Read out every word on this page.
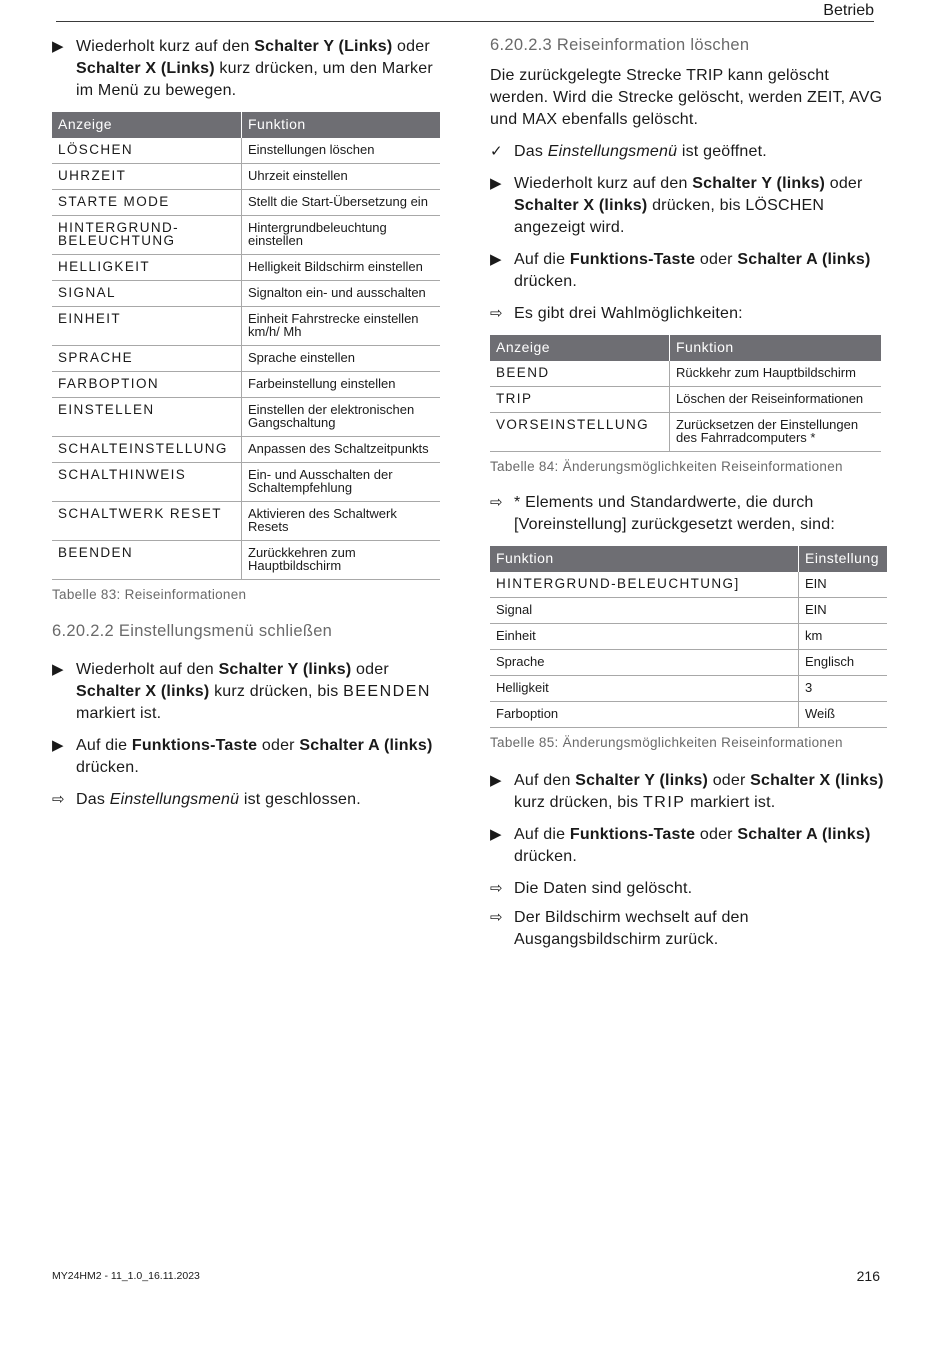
Betrieb
▶ Wiederholt kurz auf den Schalter Y (Links) oder Schalter X (Links) kurz drücken, um den Marker im Menü zu bewegen.
Anzeige	Funktion
LÖSCHEN	Einstellungen löschen
UHRZEIT	Uhrzeit einstellen
STARTE MODE	Stellt die Start-Übersetzung ein
HINTERGRUND-BELEUCHTUNG	Hintergrundbeleuchtung einstellen
HELLIGKEIT	Helligkeit Bildschirm einstellen
SIGNAL	Signalton ein- und ausschalten
EINHEIT	Einheit Fahrstrecke einstellen km/h/ Mh
SPRACHE	Sprache einstellen
FARBOPTION	Farbeinstellung einstellen
EINSTELLEN	Einstellen der elektronischen Gangschaltung
SCHALTEINSTELLUNG	Anpassen des Schaltzeitpunkts
SCHALTHINWEIS	Ein- und Ausschalten der Schaltempfehlung
SCHALTWERK RESET	Aktivieren des Schaltwerk Resets
BEENDEN	Zurückkehren zum Hauptbildschirm
Tabelle 83: Reiseinformationen
6.20.2.2 Einstellungsmenü schließen
▶ Wiederholt auf den Schalter Y (links) oder Schalter X (links) kurz drücken, bis BEENDEN markiert ist.
▶ Auf die Funktions-Taste oder Schalter A (links) drücken.
⇨ Das Einstellungsmenü ist geschlossen.
6.20.2.3 Reiseinformation löschen
Die zurückgelegte Strecke TRIP kann gelöscht werden. Wird die Strecke gelöscht, werden ZEIT, AVG und MAX ebenfalls gelöscht.
✓ Das Einstellungsmenü ist geöffnet.
▶ Wiederholt kurz auf den Schalter Y (links) oder Schalter X (links) drücken, bis LÖSCHEN angezeigt wird.
▶ Auf die Funktions-Taste oder Schalter A (links) drücken.
⇨ Es gibt drei Wahlmöglichkeiten:
Anzeige	Funktion
BEEND	Rückkehr zum Hauptbildschirm
TRIP	Löschen der Reiseinformationen
VORSEINSTELLUNG	Zurücksetzen der Einstellungen des Fahrradcomputers *
Tabelle 84: Änderungsmöglichkeiten Reiseinformationen
⇨ * Elements und Standardwerte, die durch [Voreinstellung] zurückgesetzt werden, sind:
Funktion	Einstellung
HINTERGRUND-BELEUCHTUNG]	EIN
Signal	EIN
Einheit	km
Sprache	Englisch
Helligkeit	3
Farboption	Weiß
Tabelle 85: Änderungsmöglichkeiten Reiseinformationen
▶ Auf den Schalter Y (links) oder Schalter X (links) kurz drücken, bis TRIP markiert ist.
▶ Auf die Funktions-Taste oder Schalter A (links) drücken.
⇨ Die Daten sind gelöscht.
⇨ Der Bildschirm wechselt auf den Ausgangsbildschirm zurück.
MY24HM2 - 11_1.0_16.11.2023	216
